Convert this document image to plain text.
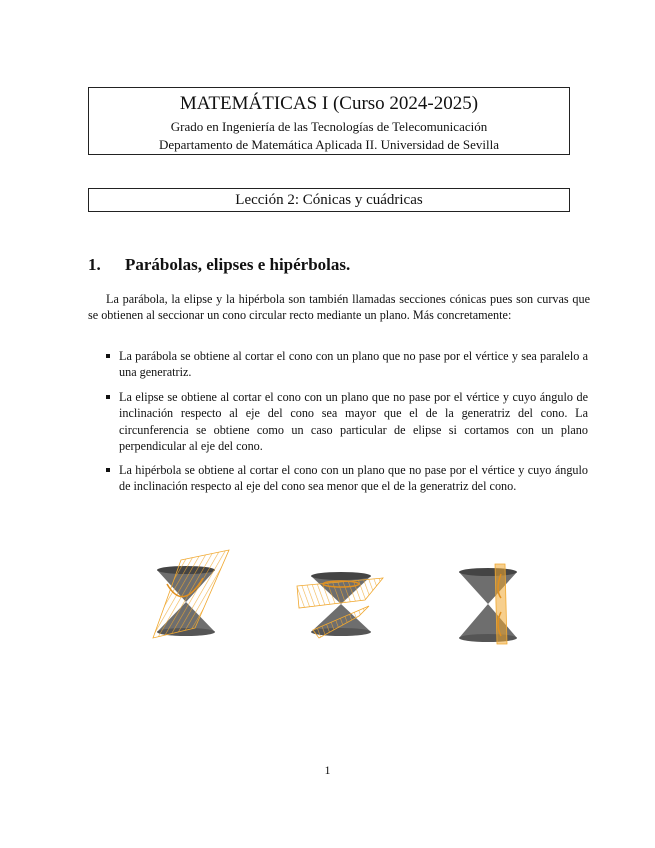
MATEMÁTICAS I (Curso 2024-2025)
Grado en Ingeniería de las Tecnologías de Telecomunicación
Departamento de Matemática Aplicada II. Universidad de Sevilla
Lección 2: Cónicas y cuádricas
1. Parábolas, elipses e hipérbolas.
La parábola, la elipse y la hipérbola son también llamadas secciones cónicas pues son curvas que se obtienen al seccionar un cono circular recto mediante un plano. Más concretamente:
La parábola se obtiene al cortar el cono con un plano que no pase por el vértice y sea paralelo a una generatriz.
La elipse se obtiene al cortar el cono con un plano que no pase por el vértice y cuyo ángulo de inclinación respecto al eje del cono sea mayor que el de la generatriz del cono. La circunferencia se obtiene como un caso particular de elipse si cortamos con un plano perpendicular al eje del cono.
La hipérbola se obtiene al cortar el cono con un plano que no pase por el vértice y cuyo ángulo de inclinación respecto al eje del cono sea menor que el de la generatriz del cono.
1
